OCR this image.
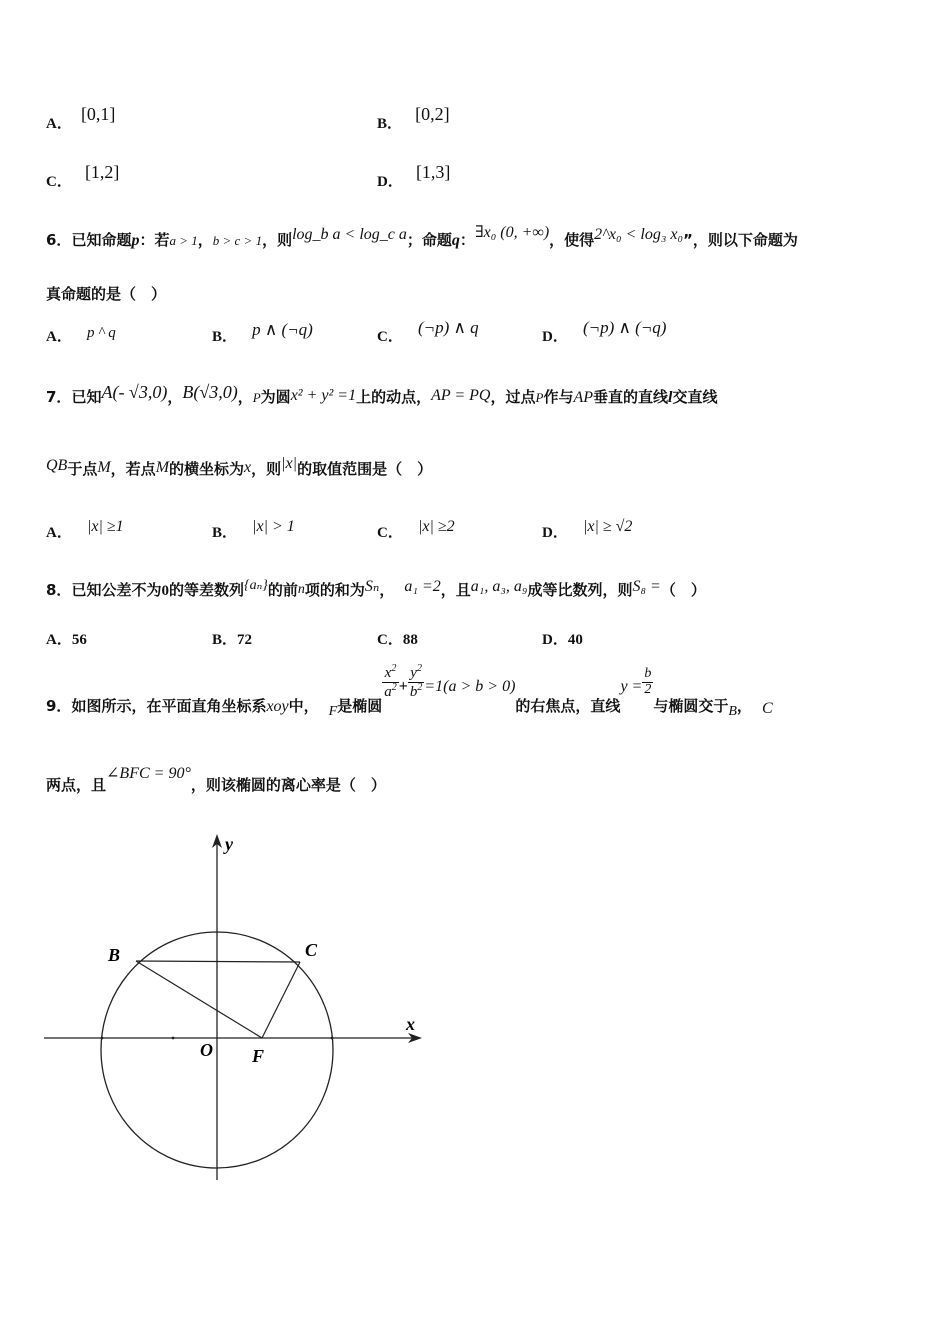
A． [0,1]	B． [0,2]
C． [1,2]	D． [1,3]
6．已知命题p：若a > 1，b > c > 1，则log_b a < log_c a；命题q：∃x₀ (0, +∞)，使得2^x₀ < log₃ x₀”，则以下命题为
真命题的是（　）
A． p ^ q	B． p ∧ (¬q)	C． (¬p) ∧ q	D． (¬p) ∧ (¬q)
7．已知A(- √3,0)，B(√3,0)，P为圆x² + y² =1上的动点，AP = PQ，过点P作与AP垂直的直线l交直线
QB于点M，若点M的横坐标为x，则|x|的取值范围是（　）
A． |x| ≥1	B． |x| > 1	C． |x| ≥2	D． |x| ≥ √2
8．已知公差不为0的等差数列{aₙ}的前n项的和为Sₙ， a₁ =2，且a₁, a₃, a₉成等比数列，则S₈ =（　）
A．56	B．72	C．88	D．40
9．如图所示，在平面直角坐标系xoy中， F是椭圆
$\frac{x^2}{a^2} + \frac{y^2}{b^2} =1(a > b > 0)$的右焦点，直线$y = \frac{b}{2}$
与椭圆交于B， C
两点，且∠BFC = 90°，则该椭圆的离心率是（　）
y
x
B	C
O F
